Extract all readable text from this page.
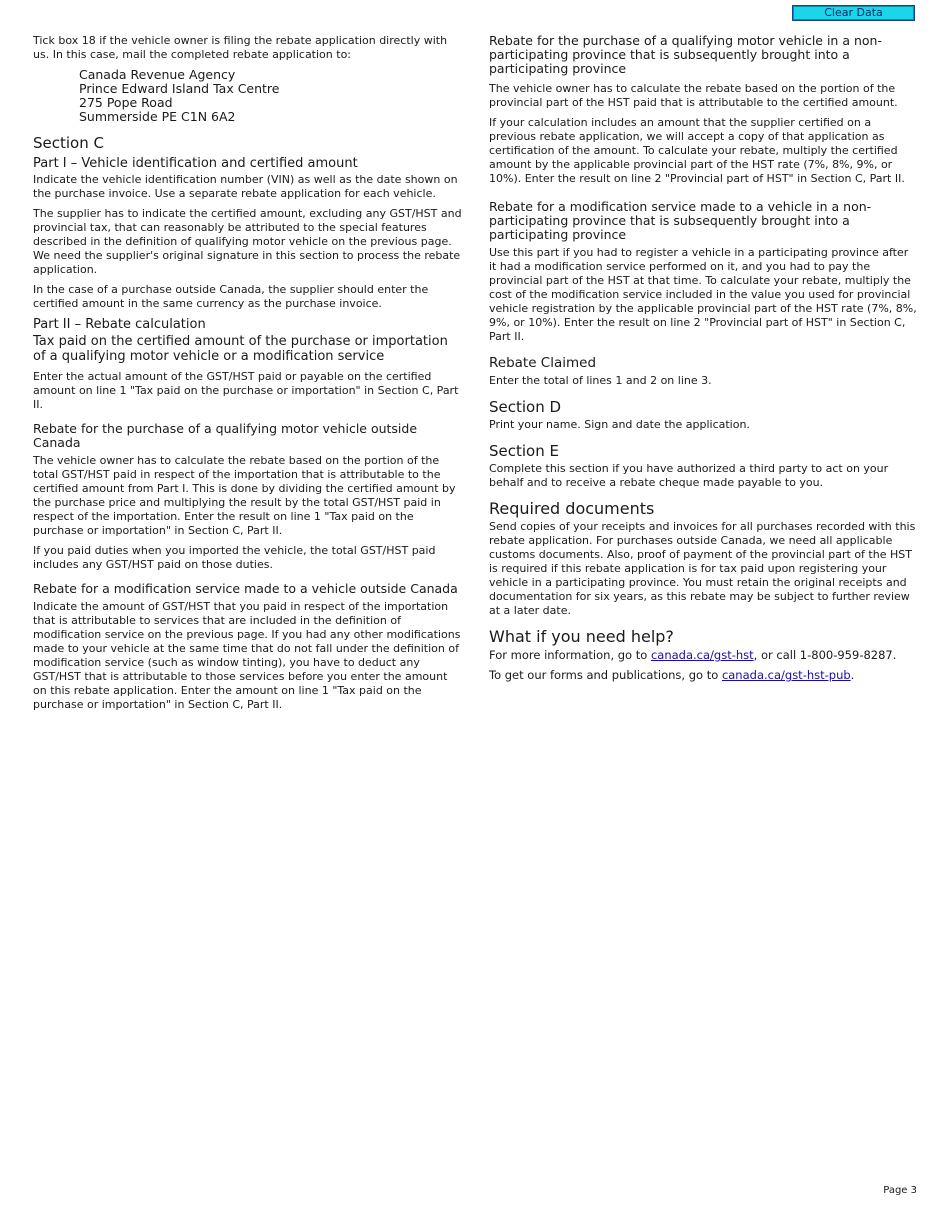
Clear Data

Tick box 18 if the vehicle owner is filing the rebate application directly with us. In this case, mail the completed rebate application to:

Canada Revenue Agency
Prince Edward Island Tax Centre
275 Pope Road
Summerside PE C1N 6A2
Section C
Part I – Vehicle identification and certified amount

Indicate the vehicle identification number (VIN) as well as the date shown on the purchase invoice. Use a separate rebate application for each vehicle.

The supplier has to indicate the certified amount, excluding any GST/HST and provincial tax, that can reasonably be attributed to the special features described in the definition of qualifying motor vehicle on the previous page. We need the supplier's original signature in this section to process the rebate application.

In the case of a purchase outside Canada, the supplier should enter the certified amount in the same currency as the purchase invoice.

Part II – Rebate calculation
Tax paid on the certified amount of the purchase or importation of a qualifying motor vehicle or a modification service

Enter the actual amount of the GST/HST paid or payable on the certified amount on line 1 "Tax paid on the purchase or importation" in Section C, Part II.

Rebate for the purchase of a qualifying motor vehicle outside Canada

The vehicle owner has to calculate the rebate based on the portion of the total GST/HST paid in respect of the importation that is attributable to the certified amount from Part I. This is done by dividing the certified amount by the purchase price and multiplying the result by the total GST/HST paid in respect of the importation. Enter the result on line 1 "Tax paid on the purchase or importation" in Section C, Part II.

If you paid duties when you imported the vehicle, the total GST/HST paid includes any GST/HST paid on those duties.

Rebate for a modification service made to a vehicle outside Canada

Indicate the amount of GST/HST that you paid in respect of the importation that is attributable to services that are included in the definition of modification service on the previous page. If you had any other modifications made to your vehicle at the same time that do not fall under the definition of modification service (such as window tinting), you have to deduct any GST/HST that is attributable to those services before you enter the amount on this rebate application. Enter the amount on line 1 "Tax paid on the purchase or importation" in Section C, Part II.

Rebate for the purchase of a qualifying motor vehicle in a non-participating province that is subsequently brought into a participating province

The vehicle owner has to calculate the rebate based on the portion of the provincial part of the HST paid that is attributable to the certified amount.

If your calculation includes an amount that the supplier certified on a previous rebate application, we will accept a copy of that application as certification of the amount. To calculate your rebate, multiply the certified amount by the applicable provincial part of the HST rate (7%, 8%, 9%, or 10%). Enter the result on line 2 "Provincial part of HST" in Section C, Part II.

Rebate for a modification service made to a vehicle in a non-participating province that is subsequently brought into a participating province

Use this part if you had to register a vehicle in a participating province after it had a modification service performed on it, and you had to pay the provincial part of the HST at that time. To calculate your rebate, multiply the cost of the modification service included in the value you used for provincial vehicle registration by the applicable provincial part of the HST rate (7%, 8%, 9%, or 10%). Enter the result on line 2 "Provincial part of HST" in Section C, Part II.

Rebate Claimed

Enter the total of lines 1 and 2 on line 3.

Section D

Print your name. Sign and date the application.

Section E

Complete this section if you have authorized a third party to act on your behalf and to receive a rebate cheque made payable to you.

Required documents

Send copies of your receipts and invoices for all purchases recorded with this rebate application. For purchases outside Canada, we need all applicable customs documents. Also, proof of payment of the provincial part of the HST is required if this rebate application is for tax paid upon registering your vehicle in a participating province. You must retain the original receipts and documentation for six years, as this rebate may be subject to further review at a later date.

What if you need help?

For more information, go to canada.ca/gst-hst, or call 1-800-959-8287.

To get our forms and publications, go to canada.ca/gst-hst-pub.

Page 3
